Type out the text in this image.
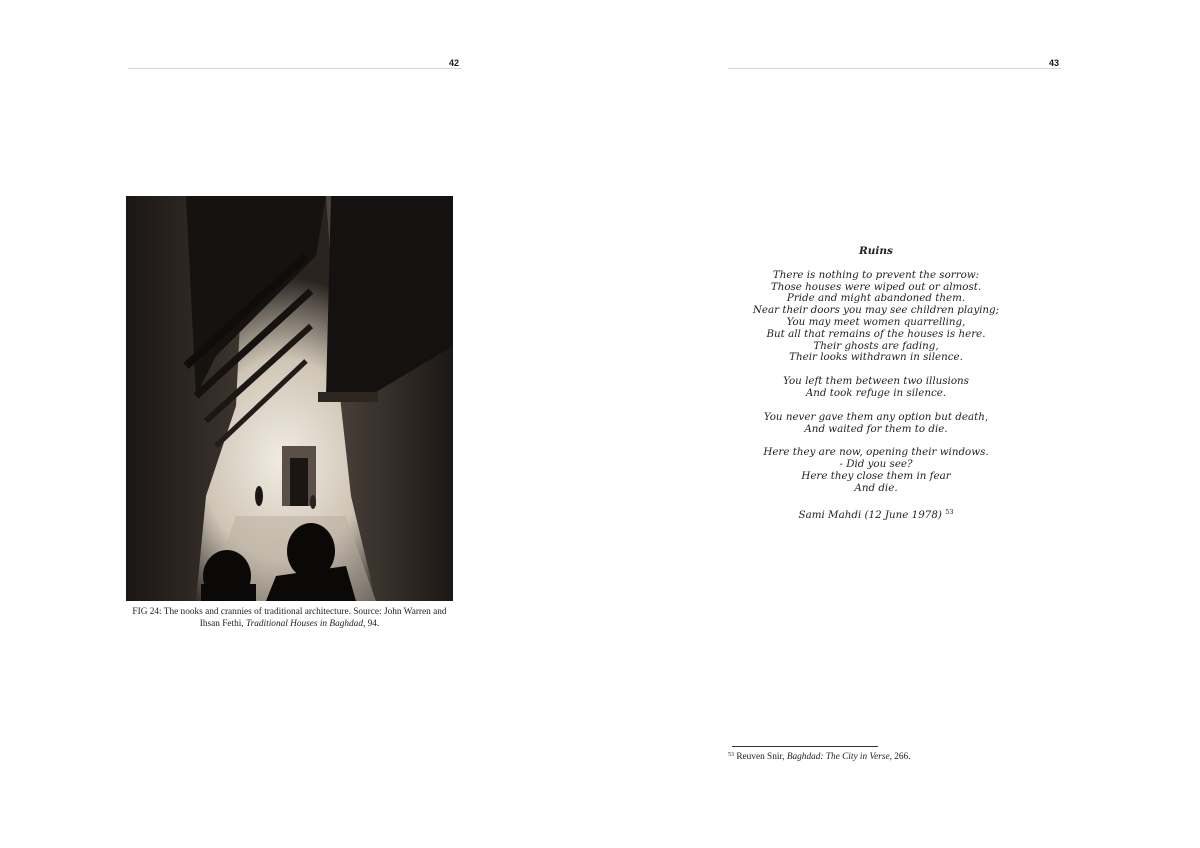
42
FIG 24: The nooks and crannies of traditional architecture. Source: John Warren and Ihsan Fethi, Traditional Houses in Baghdad, 94.
43
Ruins
There is nothing to prevent the sorrow:
Those houses were wiped out or almost.
Pride and might abandoned them.
Near their doors you may see children playing;
You may meet women quarrelling,
But all that remains of the houses is here.
Their ghosts are fading,
Their looks withdrawn in silence.
You left them between two illusions
And took refuge in silence.
You never gave them any option but death,
And waited for them to die.
Here they are now, opening their windows.
- Did you see?
Here they close them in fear
And die.
Sami Mahdi (12 June 1978) $^{53}$
$^{53}$ Reuven Snir, Baghdad: The City in Verse, 266.
